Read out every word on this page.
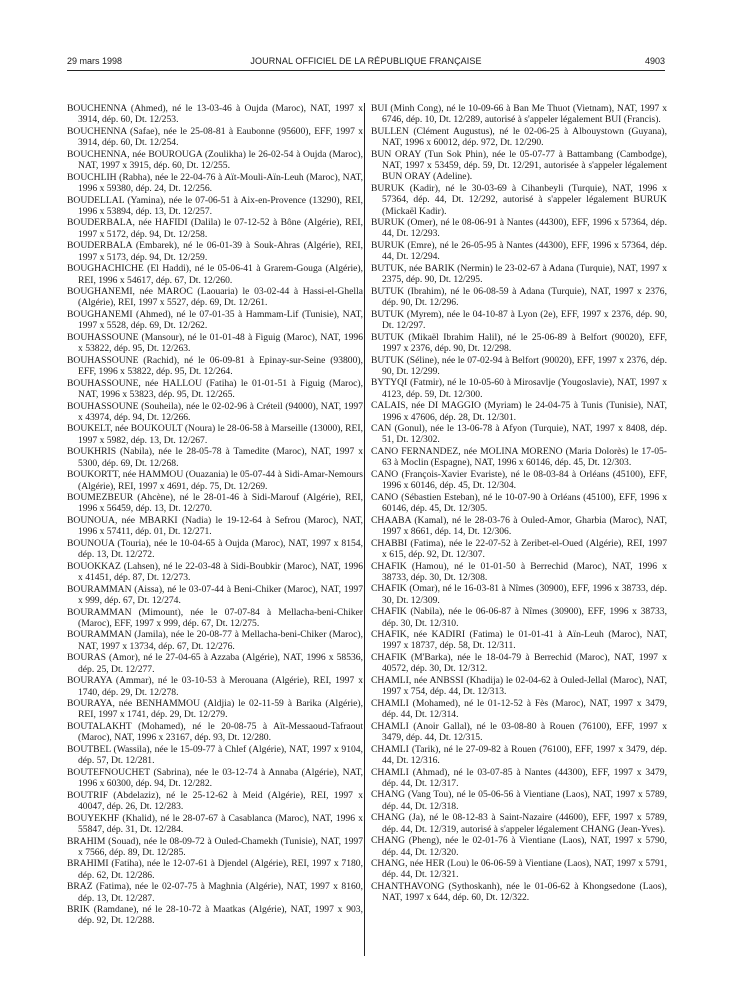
29 mars 1998	JOURNAL OFFICIEL DE LA RÉPUBLIQUE FRANÇAISE	4903

BOUCHENNA (Ahmed), né le 13-03-46 à Oujda (Maroc), NAT, 1997 x 3914, dép. 60, Dt. 12/253.

BOUCHENNA (Safae), née le 25-08-81 à Eaubonne (95600), EFF, 1997 x 3914, dép. 60, Dt. 12/254.

BOUCHENNA, née BOUROUGA (Zoulikha) le 26-02-54 à Oujda (Maroc), NAT, 1997 x 3915, dép. 60, Dt. 12/255.

BOUCHLIH (Rabha), née le 22-04-76 à Aït-Mouli-Aïn-Leuh (Maroc), NAT, 1996 x 59380, dép. 24, Dt. 12/256.

BOUDELLAL (Yamina), née le 07-06-51 à Aix-en-Provence (13290), REI, 1996 x 53894, dép. 13, Dt. 12/257.

BOUDERBALA, née HAFIDI (Dalila) le 07-12-52 à Bône (Algérie), REI, 1997 x 5172, dép. 94, Dt. 12/258.

BOUDERBALA (Embarek), né le 06-01-39 à Souk-Ahras (Algérie), REI, 1997 x 5173, dép. 94, Dt. 12/259.

BOUGHACHICHE (El Haddi), né le 05-06-41 à Grarem-Gouga (Algérie), REI, 1996 x 54617, dép. 67, Dt. 12/260.

BOUGHANEMI, née MAROC (Laouaria) le 03-02-44 à Hassi-el-Ghella (Algérie), REI, 1997 x 5527, dép. 69, Dt. 12/261.

BOUGHANEMI (Ahmed), né le 07-01-35 à Hammam-Lif (Tunisie), NAT, 1997 x 5528, dép. 69, Dt. 12/262.

BOUHASSOUNE (Mansour), né le 01-01-48 à Figuig (Maroc), NAT, 1996 x 53822, dép. 95, Dt. 12/263.

BOUHASSOUNE (Rachid), né le 06-09-81 à Epinay-sur-Seine (93800), EFF, 1996 x 53822, dép. 95, Dt. 12/264.

BOUHASSOUNE, née HALLOU (Fatiha) le 01-01-51 à Figuig (Maroc), NAT, 1996 x 53823, dép. 95, Dt. 12/265.

BOUHASSOUNE (Souheila), née le 02-02-96 à Créteil (94000), NAT, 1997 x 43974, dép. 94, Dt. 12/266.

BOUKELT, née BOUKOULT (Noura) le 28-06-58 à Marseille (13000), REI, 1997 x 5982, dép. 13, Dt. 12/267.

BOUKHRIS (Nabila), née le 28-05-78 à Tamedite (Maroc), NAT, 1997 x 5300, dép. 69, Dt. 12/268.

BOUKORTT, née HAMMOU (Ouazania) le 05-07-44 à Sidi-Amar-Nemours (Algérie), REI, 1997 x 4691, dép. 75, Dt. 12/269.

BOUMEZBEUR (Ahcène), né le 28-01-46 à Sidi-Marouf (Algérie), REI, 1996 x 56459, dép. 13, Dt. 12/270.

BOUNOUA, née MBARKI (Nadia) le 19-12-64 à Sefrou (Maroc), NAT, 1996 x 57411, dép. 01, Dt. 12/271.

BOUNOUA (Touria), née le 10-04-65 à Oujda (Maroc), NAT, 1997 x 8154, dép. 13, Dt. 12/272.

BOUOKKAZ (Lahsen), né le 22-03-48 à Sidi-Boubkir (Maroc), NAT, 1996 x 41451, dép. 87, Dt. 12/273.

BOURAMMAN (Aissa), né le 03-07-44 à Beni-Chiker (Maroc), NAT, 1997 x 999, dép. 67, Dt. 12/274.

BOURAMMAN (Mimount), née le 07-07-84 à Mellacha-beni-Chiker (Maroc), EFF, 1997 x 999, dép. 67, Dt. 12/275.

BOURAMMAN (Jamila), née le 20-08-77 à Mellacha-beni-Chiker (Maroc), NAT, 1997 x 13734, dép. 67, Dt. 12/276.

BOURAS (Amor), né le 27-04-65 à Azzaba (Algérie), NAT, 1996 x 58536, dép. 25, Dt. 12/277.

BOURAYA (Ammar), né le 03-10-53 à Merouana (Algérie), REI, 1997 x 1740, dép. 29, Dt. 12/278.

BOURAYA, née BENHAMMOU (Aldjia) le 02-11-59 à Barika (Algérie), REI, 1997 x 1741, dép. 29, Dt. 12/279.

BOUTALAKHT (Mohamed), né le 20-08-75 à Aït-Messaoud-Tafraout (Maroc), NAT, 1996 x 23167, dép. 93, Dt. 12/280.

BOUTBEL (Wassila), née le 15-09-77 à Chlef (Algérie), NAT, 1997 x 9104, dép. 57, Dt. 12/281.

BOUTEFNOUCHET (Sabrina), née le 03-12-74 à Annaba (Algérie), NAT, 1996 x 60300, dép. 94, Dt. 12/282.

BOUTRIF (Abdelaziz), né le 25-12-62 à Meid (Algérie), REI, 1997 x 40047, dép. 26, Dt. 12/283.

BOUYEKHF (Khalid), né le 28-07-67 à Casablanca (Maroc), NAT, 1996 x 55847, dép. 31, Dt. 12/284.

BRAHIM (Souad), née le 08-09-72 à Ouled-Chamekh (Tunisie), NAT, 1997 x 7566, dép. 89, Dt. 12/285.

BRAHIMI (Fatiha), née le 12-07-61 à Djendel (Algérie), REI, 1997 x 7180, dép. 62, Dt. 12/286.

BRAZ (Fatima), née le 02-07-75 à Maghnia (Algérie), NAT, 1997 x 8160, dép. 13, Dt. 12/287.

BRIK (Ramdane), né le 28-10-72 à Maatkas (Algérie), NAT, 1997 x 903, dép. 92, Dt. 12/288.

BUI (Minh Cong), né le 10-09-66 à Ban Me Thuot (Vietnam), NAT, 1997 x 6746, dép. 10, Dt. 12/289, autorisé à s'appeler légalement BUI (Francis).

BULLEN (Clément Augustus), né le 02-06-25 à Albouystown (Guyana), NAT, 1996 x 60012, dép. 972, Dt. 12/290.

BUN ORAY (Tun Sok Phin), née le 05-07-77 à Battambang (Cambodge), NAT, 1997 x 53459, dép. 59, Dt. 12/291, autorisée à s'appeler légalement BUN ORAY (Adeline).

BURUK (Kadir), né le 30-03-69 à Cihanbeyli (Turquie), NAT, 1996 x 57364, dép. 44, Dt. 12/292, autorisé à s'appeler légalement BURUK (Mickaël Kadir).

BURUK (Omer), né le 08-06-91 à Nantes (44300), EFF, 1996 x 57364, dép. 44, Dt. 12/293.

BURUK (Emre), né le 26-05-95 à Nantes (44300), EFF, 1996 x 57364, dép. 44, Dt. 12/294.

BUTUK, née BARIK (Nermin) le 23-02-67 à Adana (Turquie), NAT, 1997 x 2375, dép. 90, Dt. 12/295.

BUTUK (Ibrahim), né le 06-08-59 à Adana (Turquie), NAT, 1997 x 2376, dép. 90, Dt. 12/296.

BUTUK (Myrem), née le 04-10-87 à Lyon (2e), EFF, 1997 x 2376, dép. 90, Dt. 12/297.

BUTUK (Mikaël Ibrahim Halil), né le 25-06-89 à Belfort (90020), EFF, 1997 x 2376, dép. 90, Dt. 12/298.

BUTUK (Séline), née le 07-02-94 à Belfort (90020), EFF, 1997 x 2376, dép. 90, Dt. 12/299.

BYTYQI (Fatmir), né le 10-05-60 à Mirosavlje (Yougoslavie), NAT, 1997 x 4123, dép. 59, Dt. 12/300.

CALAIS, née DI MAGGIO (Myriam) le 24-04-75 à Tunis (Tunisie), NAT, 1996 x 47606, dép. 28, Dt. 12/301.

CAN (Gonul), née le 13-06-78 à Afyon (Turquie), NAT, 1997 x 8408, dép. 51, Dt. 12/302.

CANO FERNANDEZ, née MOLINA MORENO (Maria Dolorès) le 17-05-63 à Moclin (Espagne), NAT, 1996 x 60146, dép. 45, Dt. 12/303.

CANO (François-Xavier Evariste), né le 08-03-84 à Orléans (45100), EFF, 1996 x 60146, dép. 45, Dt. 12/304.

CANO (Sébastien Esteban), né le 10-07-90 à Orléans (45100), EFF, 1996 x 60146, dép. 45, Dt. 12/305.

CHAABA (Kamal), né le 28-03-76 à Ouled-Amor, Gharbia (Maroc), NAT, 1997 x 8661, dép. 14, Dt. 12/306.

CHABBI (Fatima), née le 22-07-52 à Zeribet-el-Oued (Algérie), REI, 1997 x 615, dép. 92, Dt. 12/307.

CHAFIK (Hamou), né le 01-01-50 à Berrechid (Maroc), NAT, 1996 x 38733, dép. 30, Dt. 12/308.

CHAFIK (Omar), né le 16-03-81 à Nîmes (30900), EFF, 1996 x 38733, dép. 30, Dt. 12/309.

CHAFIK (Nabila), née le 06-06-87 à Nîmes (30900), EFF, 1996 x 38733, dép. 30, Dt. 12/310.

CHAFIK, née KADIRI (Fatima) le 01-01-41 à Aïn-Leuh (Maroc), NAT, 1997 x 18737, dép. 58, Dt. 12/311.

CHAFIK (M'Barka), née le 18-04-79 à Berrechid (Maroc), NAT, 1997 x 40572, dép. 30, Dt. 12/312.

CHAMLI, née ANBSSI (Khadija) le 02-04-62 à Ouled-Jellal (Maroc), NAT, 1997 x 754, dép. 44, Dt. 12/313.

CHAMLI (Mohamed), né le 01-12-52 à Fès (Maroc), NAT, 1997 x 3479, dép. 44, Dt. 12/314.

CHAMLI (Anoir Gallal), né le 03-08-80 à Rouen (76100), EFF, 1997 x 3479, dép. 44, Dt. 12/315.

CHAMLI (Tarik), né le 27-09-82 à Rouen (76100), EFF, 1997 x 3479, dép. 44, Dt. 12/316.

CHAMLI (Ahmad), né le 03-07-85 à Nantes (44300), EFF, 1997 x 3479, dép. 44, Dt. 12/317.

CHANG (Vang Tou), né le 05-06-56 à Vientiane (Laos), NAT, 1997 x 5789, dép. 44, Dt. 12/318.

CHANG (Ja), né le 08-12-83 à Saint-Nazaire (44600), EFF, 1997 x 5789, dép. 44, Dt. 12/319, autorisé à s'appeler légalement CHANG (Jean-Yves).

CHANG (Pheng), née le 02-01-76 à Vientiane (Laos), NAT, 1997 x 5790, dép. 44, Dt. 12/320.

CHANG, née HER (Lou) le 06-06-59 à Vientiane (Laos), NAT, 1997 x 5791, dép. 44, Dt. 12/321.

CHANTHAVONG (Sythoskanh), née le 01-06-62 à Khongsedone (Laos), NAT, 1997 x 644, dép. 60, Dt. 12/322.
